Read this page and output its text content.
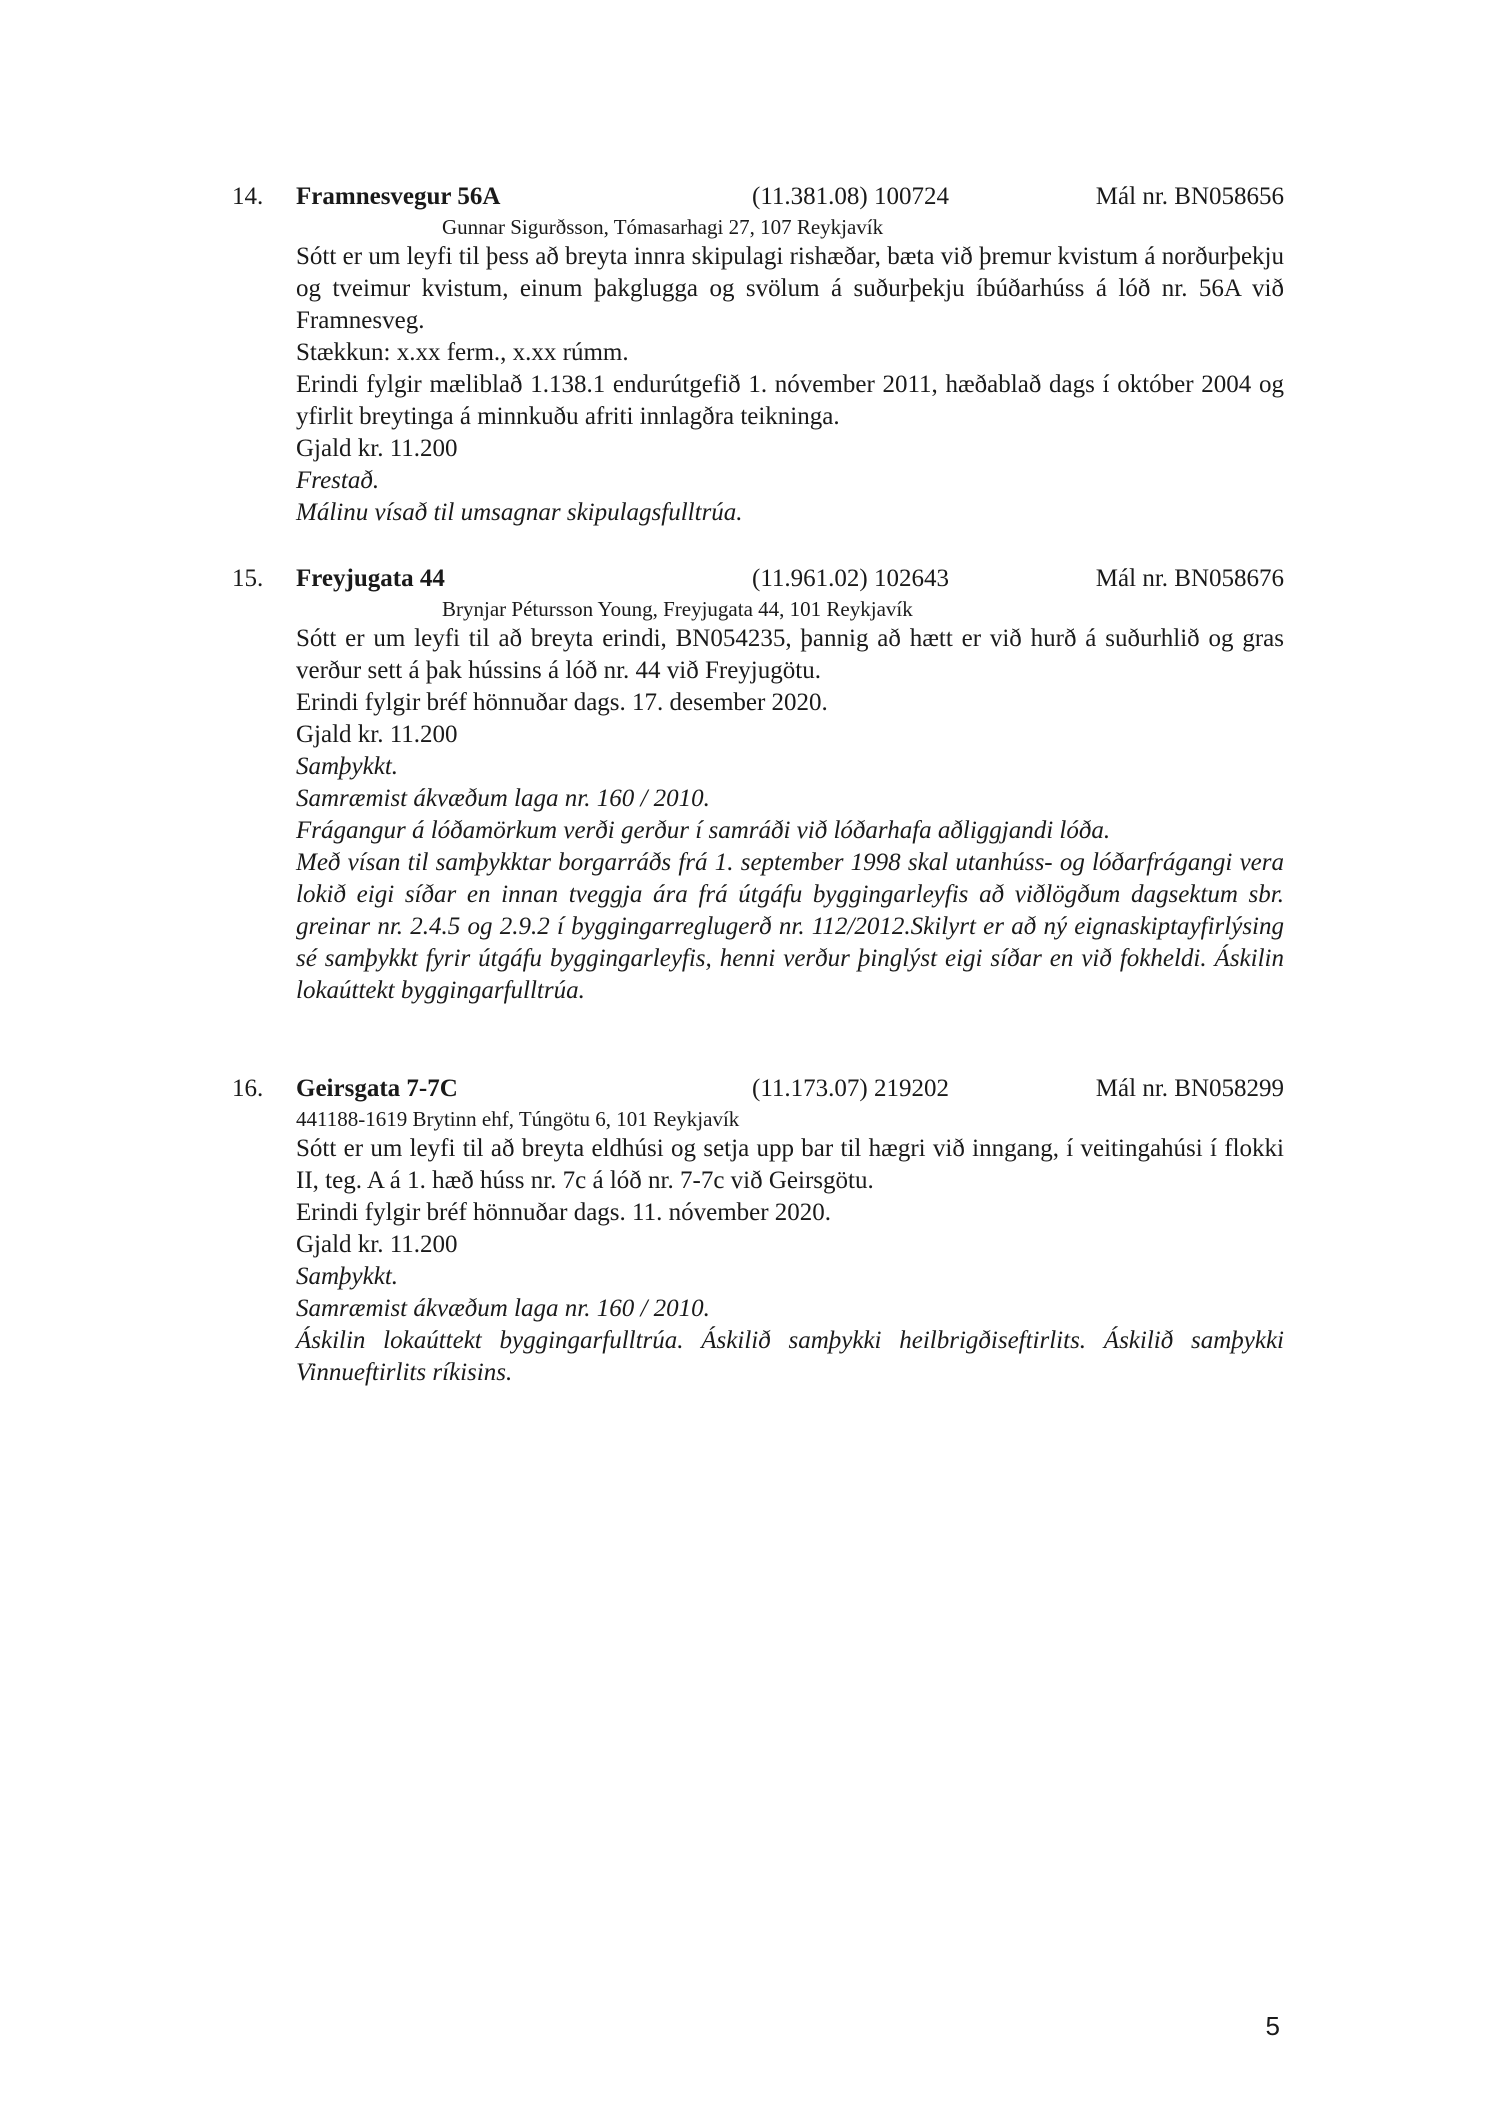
14. Framnesvegur 56A	(11.381.08) 100724	Mál nr. BN058656
Gunnar Sigurðsson, Tómasarhagi 27, 107 Reykjavík
Sótt er um leyfi til þess að breyta innra skipulagi rishæðar, bæta við þremur kvistum á norðurþekju og tveimur kvistum, einum þakglugga og svölum á suðurþekju íbúðarhúss á lóð nr. 56A við Framnesveg.
Stækkun: x.xx ferm., x.xx rúmm.
Erindi fylgir mæliblað 1.138.1 endurútgefið 1. nóvember 2011, hæðablað dags í október 2004 og yfirlit breytinga á minnkuðu afriti innlagðra teikninga.
Gjald kr. 11.200
Frestað.
Málinu vísað til umsagnar skipulagsfulltrúa.
15. Freyjugata 44	(11.961.02) 102643	Mál nr. BN058676
Brynjar Pétursson Young, Freyjugata 44, 101 Reykjavík
Sótt er um leyfi til að breyta erindi, BN054235, þannig að hætt er við hurð á suðurhlið og gras verður sett á þak hússins á lóð nr. 44 við Freyjugötu.
Erindi fylgir bréf hönnuðar dags. 17. desember 2020.
Gjald kr. 11.200
Samþykkt.
Samræmist ákvæðum laga nr. 160 / 2010.
Frágangur á lóðamörkum verði gerður í samráði við lóðarhafa aðliggjandi lóða.
Með vísan til samþykktar borgarráðs frá 1. september 1998 skal utanhúss- og lóðarfrágangi vera lokið eigi síðar en innan tveggja ára frá útgáfu byggingarleyfis að viðlögðum dagsektum sbr. greinar nr. 2.4.5 og 2.9.2 í byggingarreglugerð nr. 112/2012.Skilyrt er að ný eignaskiptayfirlýsing sé samþykkt fyrir útgáfu byggingarleyfis, henni verður þinglýst eigi síðar en við fokheldi. Áskilin lokaúttekt byggingarfulltrúa.
16. Geirsgata 7-7C	(11.173.07) 219202	Mál nr. BN058299
441188-1619 Brytinn ehf, Túngötu 6, 101 Reykjavík
Sótt er um leyfi til að breyta eldhúsi og setja upp bar til hægri við inngang, í veitingahúsi í flokki II, teg. A á 1. hæð húss nr. 7c á lóð nr. 7-7c við Geirsgötu.
Erindi fylgir bréf hönnuðar dags. 11. nóvember 2020.
Gjald kr. 11.200
Samþykkt.
Samræmist ákvæðum laga nr. 160 / 2010.
Áskilin lokaúttekt byggingarfulltrúa. Áskilið samþykki heilbrigðiseftirlits. Áskilið samþykki Vinnueftirlits ríkisins.
5
